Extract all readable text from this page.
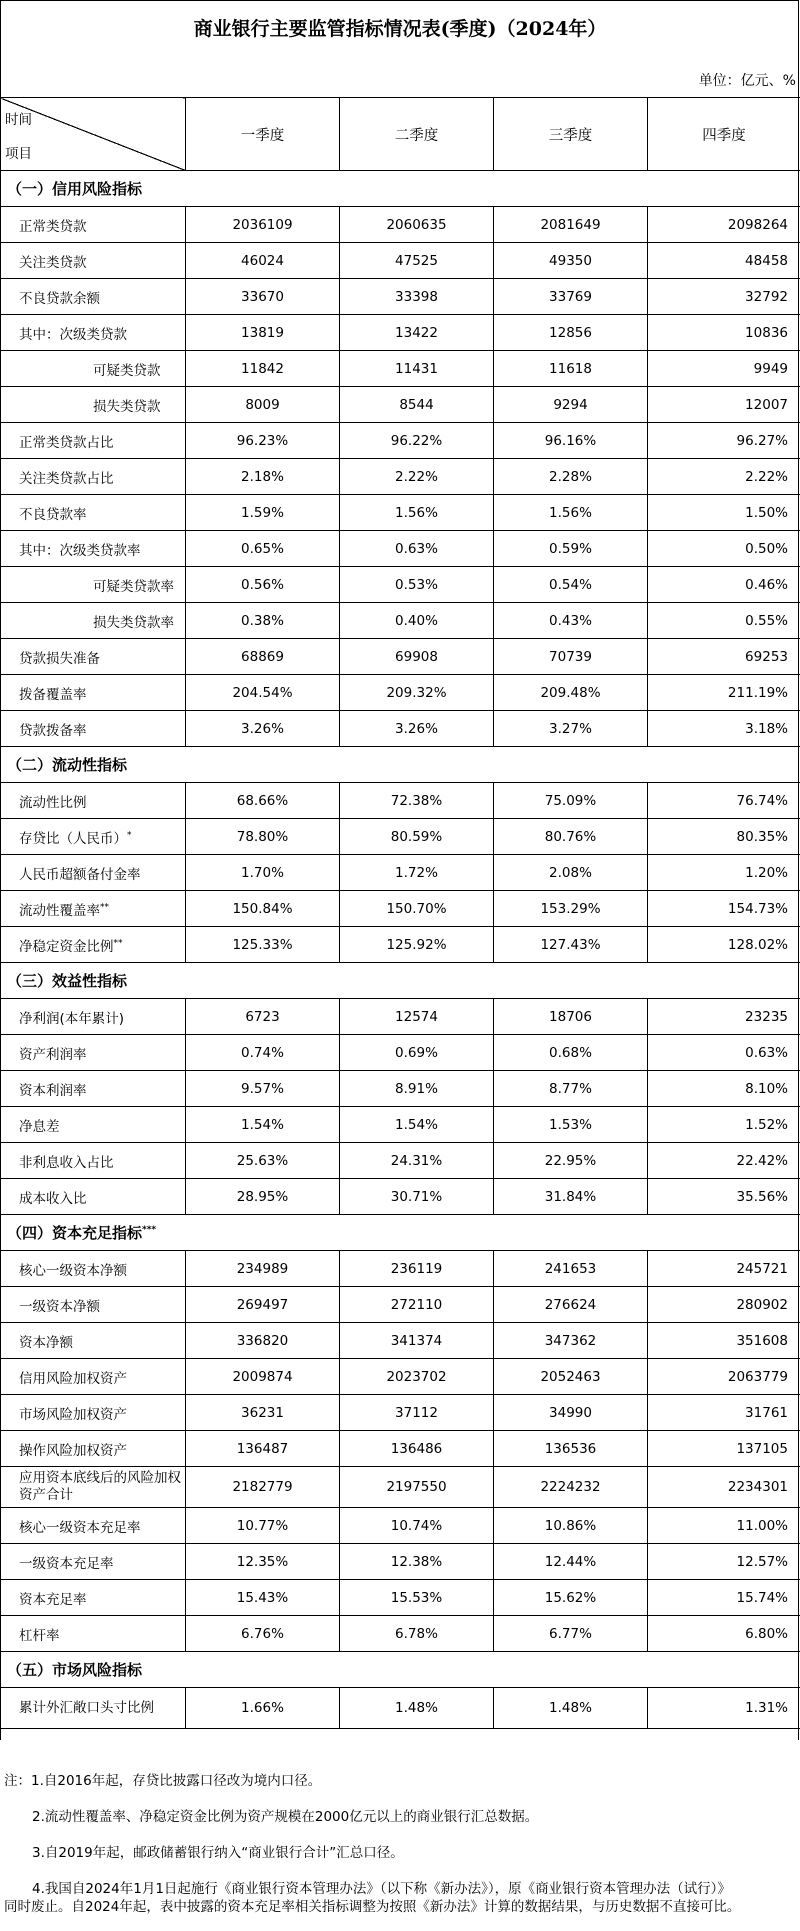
商业银行主要监管指标情况表(季度)（2024年）
单位：亿元、%
时间
项目	一季度	二季度	三季度	四季度
（一）信用风险指标				
正常类贷款	2036109	2060635	2081649	2098264
关注类贷款	46024	47525	49350	48458
不良贷款余额	33670	33398	33769	32792
其中：次级类贷款	13819	13422	12856	10836
可疑类贷款	11842	11431	11618	9949
损失类贷款	8009	8544	9294	12007
正常类贷款占比	96.23%	96.22%	96.16%	96.27%
关注类贷款占比	2.18%	2.22%	2.28%	2.22%
不良贷款率	1.59%	1.56%	1.56%	1.50%
其中：次级类贷款率	0.65%	0.63%	0.59%	0.50%
可疑类贷款率	0.56%	0.53%	0.54%	0.46%
损失类贷款率	0.38%	0.40%	0.43%	0.55%
贷款损失准备	68869	69908	70739	69253
拨备覆盖率	204.54%	209.32%	209.48%	211.19%
贷款拨备率	3.26%	3.26%	3.27%	3.18%
（二）流动性指标				
流动性比例	68.66%	72.38%	75.09%	76.74%
存贷比（人民币）*	78.80%	80.59%	80.76%	80.35%
人民币超额备付金率	1.70%	1.72%	2.08%	1.20%
流动性覆盖率**	150.84%	150.70%	153.29%	154.73%
净稳定资金比例**	125.33%	125.92%	127.43%	128.02%
（三）效益性指标				
净利润(本年累计)	6723	12574	18706	23235
资产利润率	0.74%	0.69%	0.68%	0.63%
资本利润率	9.57%	8.91%	8.77%	8.10%
净息差	1.54%	1.54%	1.53%	1.52%
非利息收入占比	25.63%	24.31%	22.95%	22.42%
成本收入比	28.95%	30.71%	31.84%	35.56%
（四）资本充足指标***
核心一级资本净额	234989	236119	241653	245721
一级资本净额	269497	272110	276624	280902
资本净额	336820	341374	347362	351608
信用风险加权资产	2009874	2023702	2052463	2063779
市场风险加权资产	36231	37112	34990	31761
操作风险加权资产	136487	136486	136536	137105
应用资本底线后的风险加权资产合计	2182779	2197550	2224232	2234301
核心一级资本充足率	10.77%	10.74%	10.86%	11.00%
一级资本充足率	12.35%	12.38%	12.44%	12.57%
资本充足率	15.43%	15.53%	15.62%	15.74%
杠杆率	6.76%	6.78%	6.77%	6.80%
（五）市场风险指标				
累计外汇敞口头寸比例	1.66%	1.48%	1.48%	1.31%
注：1.自2016年起，存贷比披露口径改为境内口径。
2.流动性覆盖率、净稳定资金比例为资产规模在2000亿元以上的商业银行汇总数据。
3.自2019年起，邮政储蓄银行纳入“商业银行合计”汇总口径。
4.我国自2024年1月1日起施行《商业银行资本管理办法》（以下称《新办法》），原《商业银行资本管理办法（试行）》
同时废止。自2024年起，表中披露的资本充足率相关指标调整为按照《新办法》计算的数据结果，与历史数据不直接可比。
